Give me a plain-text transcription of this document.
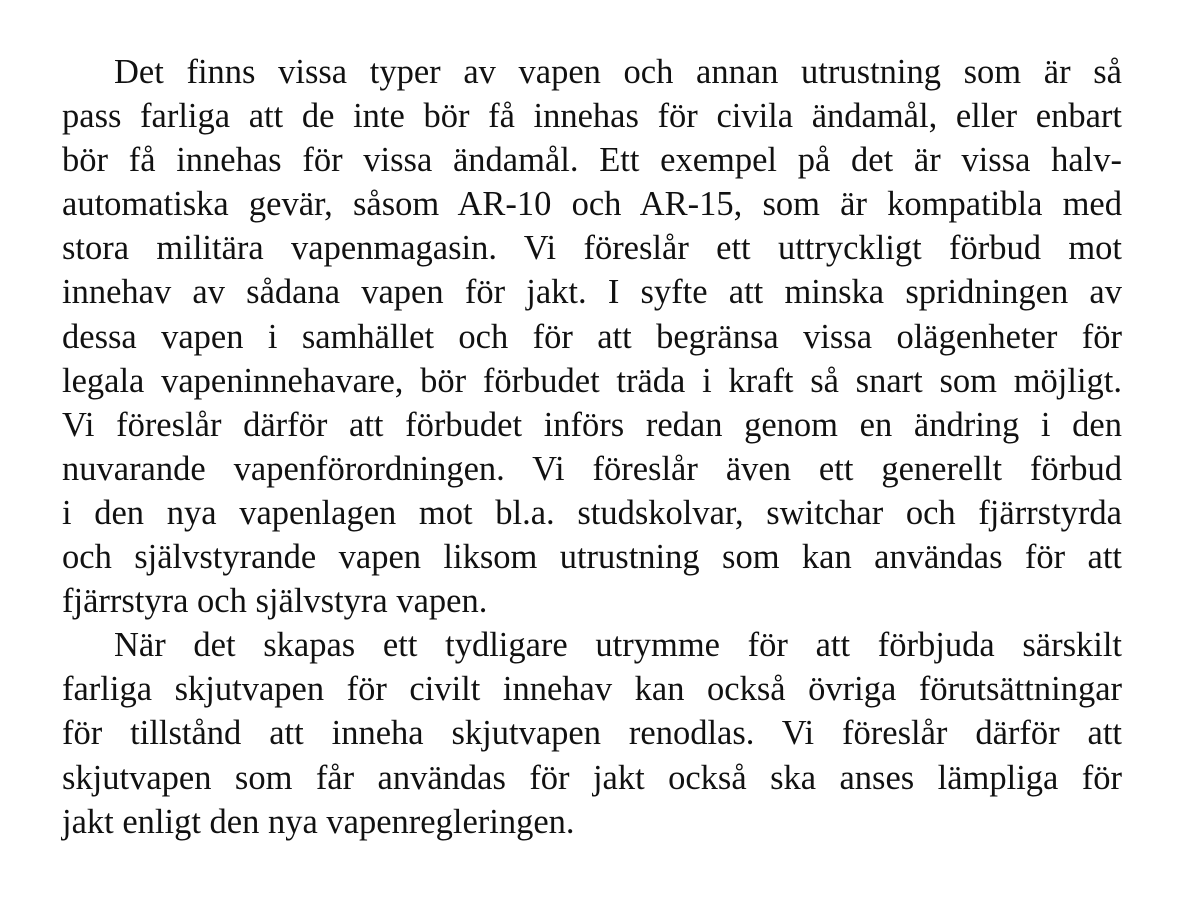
Det finns vissa typer av vapen och annan utrustning som är så
pass farliga att de inte bör få innehas för civila ändamål, eller enbart
bör få innehas för vissa ändamål. Ett exempel på det är vissa halv-
automatiska gevär, såsom AR-10 och AR-15, som är kompatibla med
stora militära vapenmagasin. Vi föreslår ett uttryckligt förbud mot
innehav av sådana vapen för jakt. I syfte att minska spridningen av
dessa vapen i samhället och för att begränsa vissa olägenheter för
legala vapeninnehavare, bör förbudet träda i kraft så snart som möjligt.
Vi föreslår därför att förbudet införs redan genom en ändring i den
nuvarande vapenförordningen. Vi föreslår även ett generellt förbud
i den nya vapenlagen mot bl.a. studskolvar, switchar och fjärrstyrda
och självstyrande vapen liksom utrustning som kan användas för att
fjärrstyra och självstyra vapen.
När det skapas ett tydligare utrymme för att förbjuda särskilt
farliga skjutvapen för civilt innehav kan också övriga förutsättningar
för tillstånd att inneha skjutvapen renodlas. Vi föreslår därför att
skjutvapen som får användas för jakt också ska anses lämpliga för
jakt enligt den nya vapenregleringen.
